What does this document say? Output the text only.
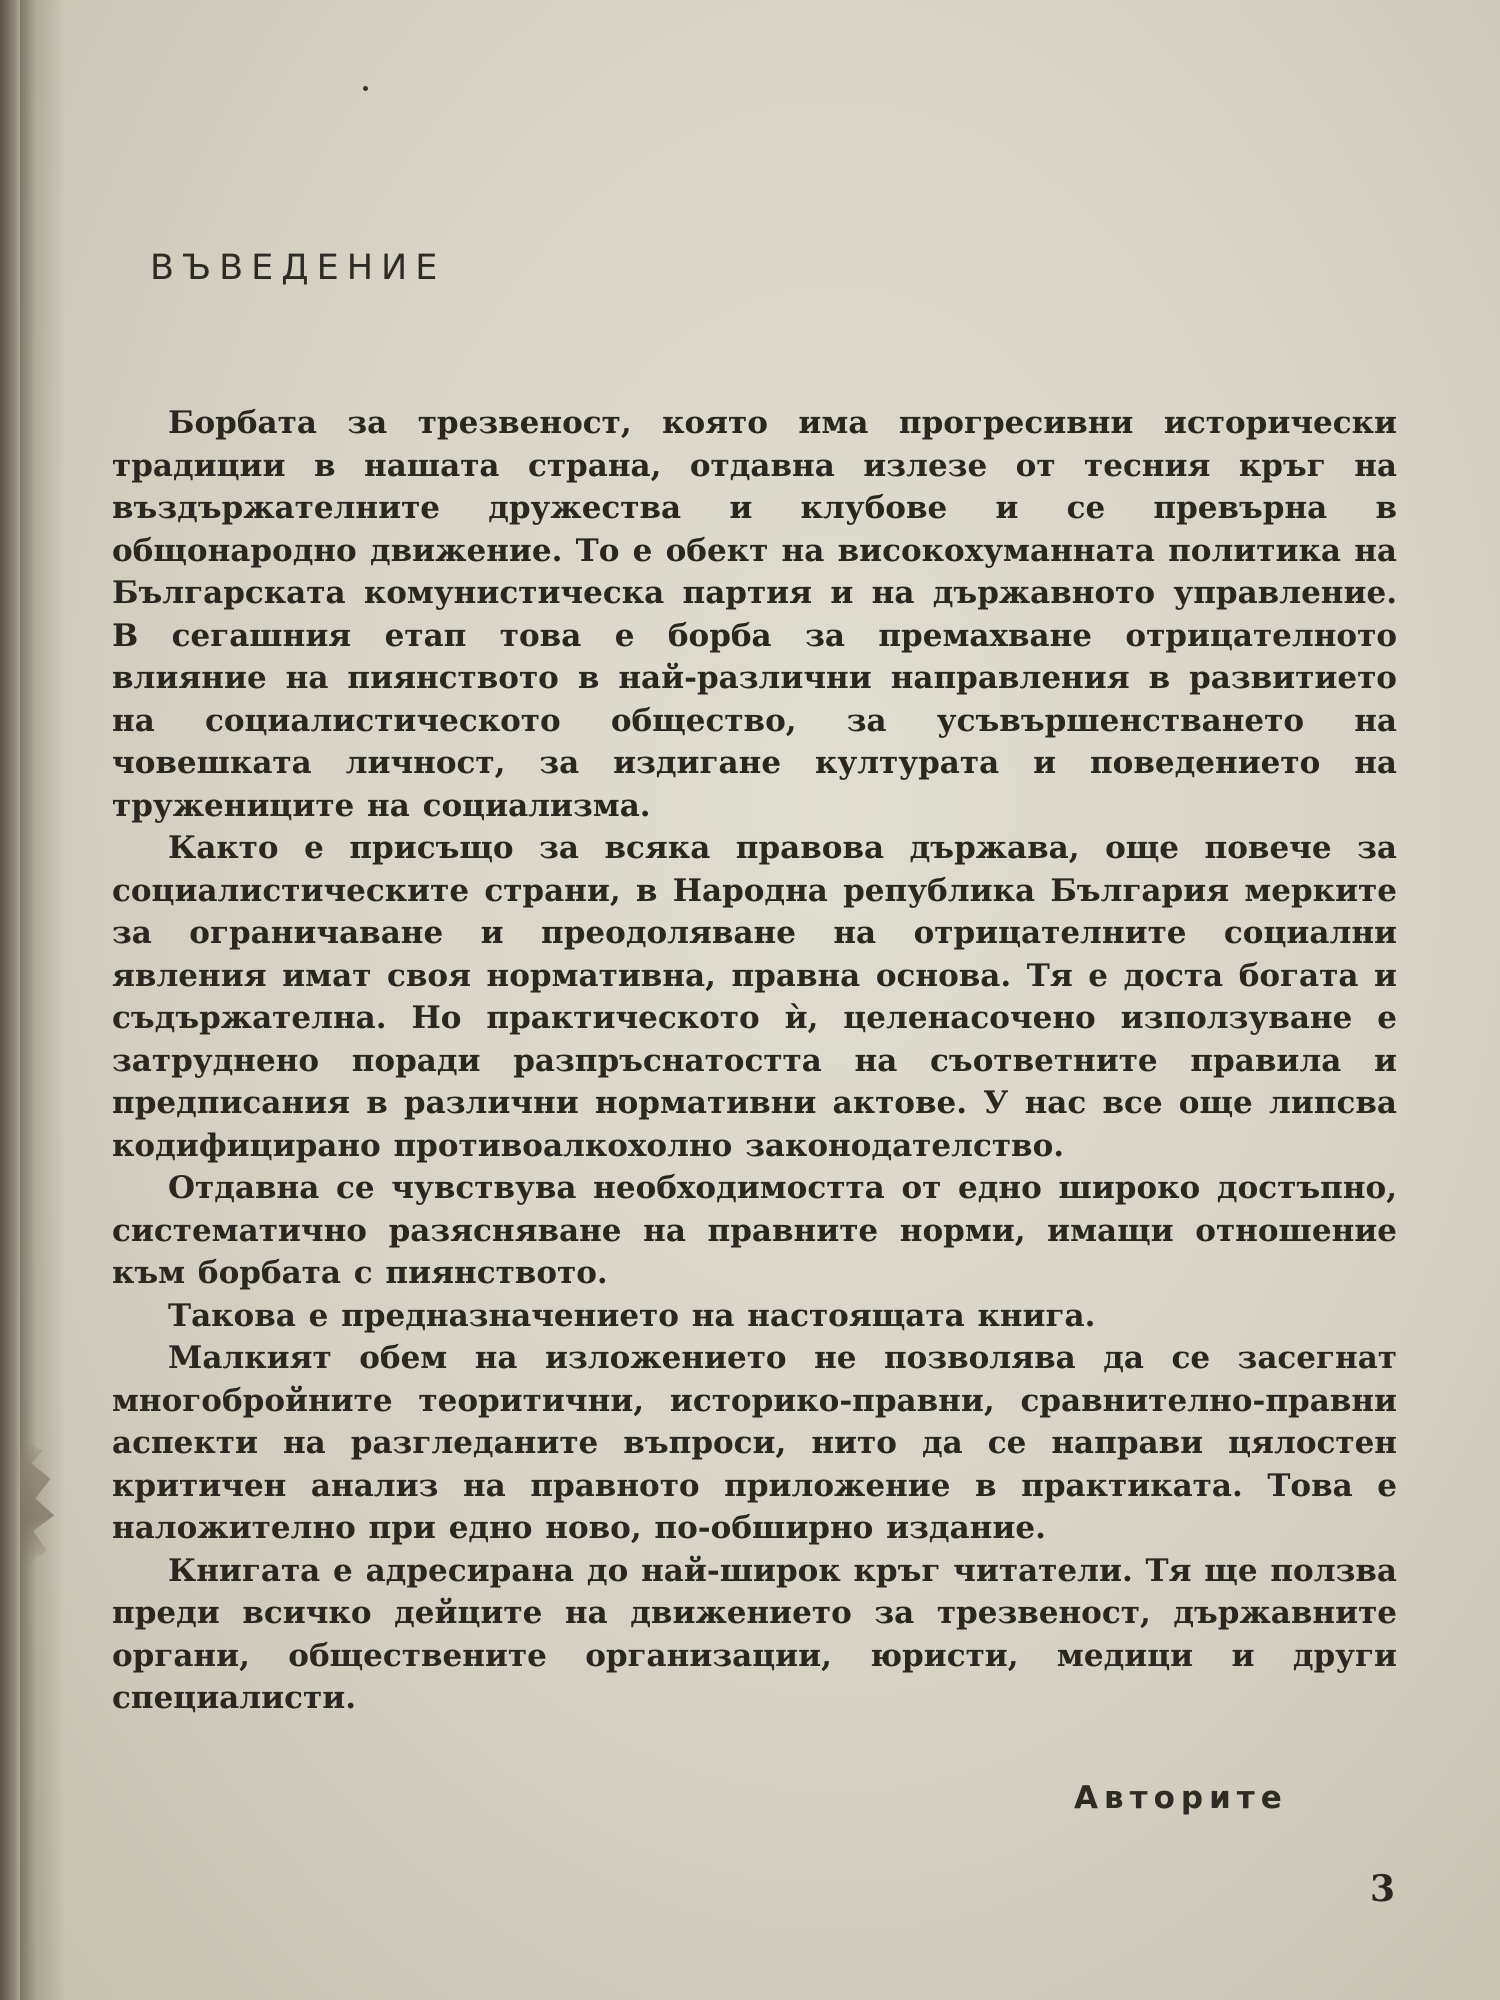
ВЪВЕДЕНИЕ

Борбата за трезвеност, която има прогресивни исторически традиции в нашата страна, отдавна излезе от тесния кръг на въздържателните дружества и клубове и се превърна в общонародно движение. То е обект на високохуманната политика на Българската комунистическа партия и на държавното управление. В сегашния етап това е борба за премахване отрицателното влияние на пиянството в най-различни направления в развитието на социалистическото общество, за усъвършенстването на човешката личност, за издигане културата и поведението на тружениците на социализма.

Както е присъщо за всяка правова държава, още повече за социалистическите страни, в Народна република България мерките за ограничаване и преодоляване на отрицателните социални явления имат своя нормативна, правна основа. Тя е доста богата и съдържателна. Но практическото ѝ, целенасочено използуване е затруднено поради разпръснатостта на съответните правила и предписания в различни нормативни актове. У нас все още липсва кодифицирано противоалкохолно законодателство.

Отдавна се чувствува необходимостта от едно широко достъпно, систематично разясняване на правните норми, имащи отношение към борбата с пиянството.

Такова е предназначението на настоящата книга.

Малкият обем на изложението не позволява да се засегнат многобройните теоритични, историко-правни, сравнително-правни аспекти на разгледаните въпроси, нито да се направи цялостен критичен анализ на правното приложение в практиката. Това е наложително при едно ново, по-обширно издание.

Книгата е адресирана до най-широк кръг читатели. Тя ще ползва преди всичко дейците на движението за трезвеност, държавните органи, обществените организации, юристи, медици и други специалисти.

Авторите

3
